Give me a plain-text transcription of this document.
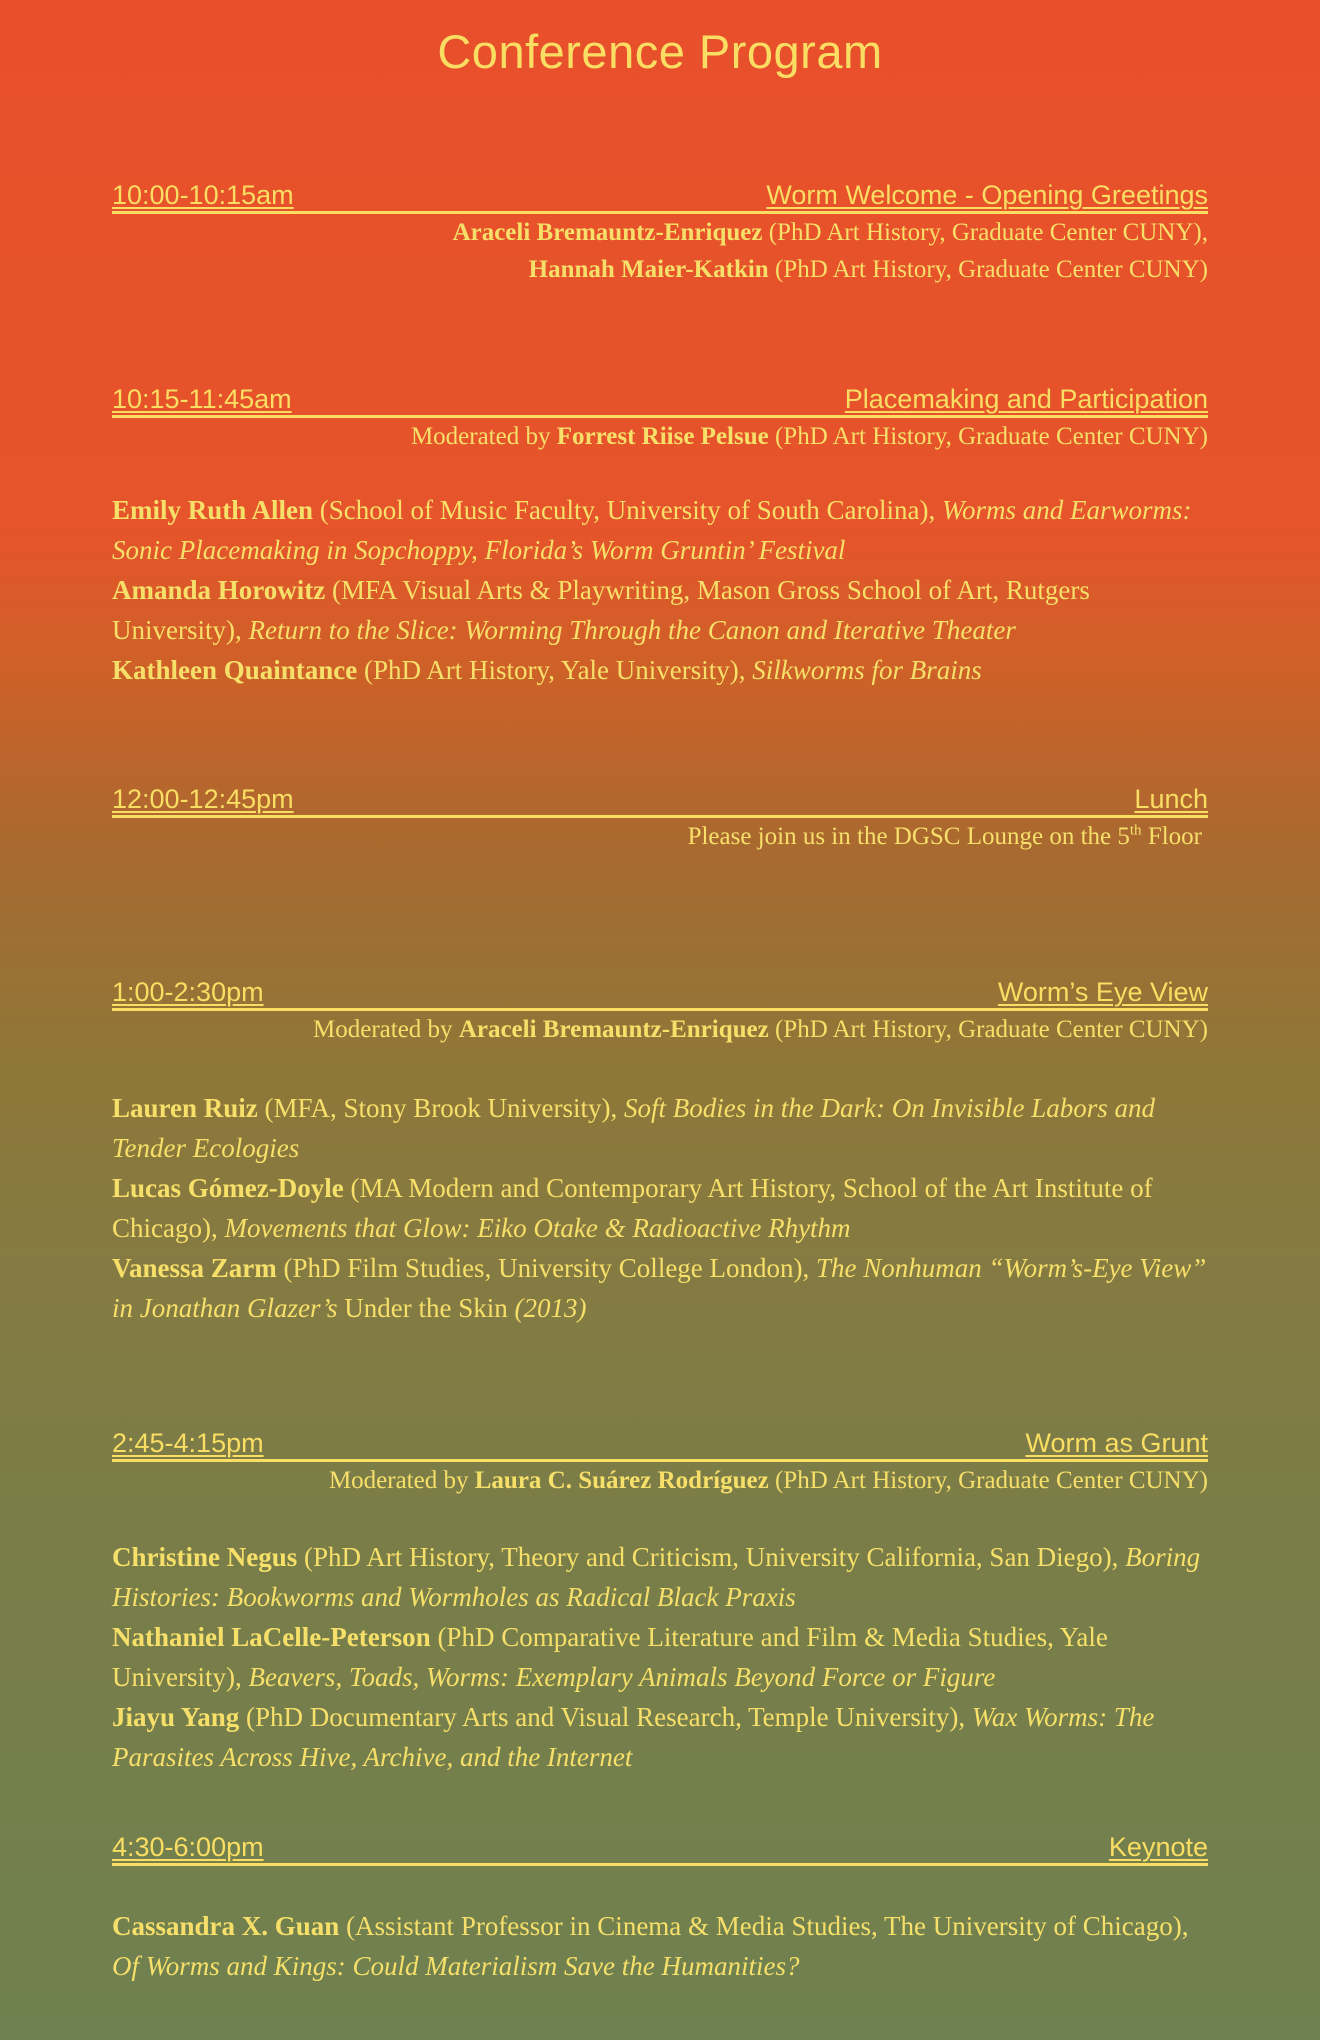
Conference Program
10:00-10:15am	Worm Welcome - Opening Greetings
Araceli Bremauntz-Enriquez (PhD Art History, Graduate Center CUNY),
Hannah Maier-Katkin (PhD Art History, Graduate Center CUNY)
10:15-11:45am	Placemaking and Participation
Moderated by Forrest Riise Pelsue (PhD Art History, Graduate Center CUNY)
Emily Ruth Allen (School of Music Faculty, University of South Carolina), Worms and Earworms: Sonic Placemaking in Sopchoppy, Florida’s Worm Gruntin’ Festival
Amanda Horowitz (MFA Visual Arts & Playwriting, Mason Gross School of Art, Rutgers University), Return to the Slice: Worming Through the Canon and Iterative Theater
Kathleen Quaintance (PhD Art History, Yale University), Silkworms for Brains
12:00-12:45pm	Lunch
Please join us in the DGSC Lounge on the 5th Floor
1:00-2:30pm	Worm’s Eye View
Moderated by Araceli Bremauntz-Enriquez (PhD Art History, Graduate Center CUNY)
Lauren Ruiz (MFA, Stony Brook University), Soft Bodies in the Dark: On Invisible Labors and Tender Ecologies
Lucas Gómez-Doyle (MA Modern and Contemporary Art History, School of the Art Institute of Chicago), Movements that Glow: Eiko Otake & Radioactive Rhythm
Vanessa Zarm (PhD Film Studies, University College London), The Nonhuman “Worm’s-Eye View” in Jonathan Glazer’s Under the Skin (2013)
2:45-4:15pm	Worm as Grunt
Moderated by Laura C. Suárez Rodríguez (PhD Art History, Graduate Center CUNY)
Christine Negus (PhD Art History, Theory and Criticism, University California, San Diego), Boring Histories: Bookworms and Wormholes as Radical Black Praxis
Nathaniel LaCelle-Peterson (PhD Comparative Literature and Film & Media Studies, Yale University), Beavers, Toads, Worms: Exemplary Animals Beyond Force or Figure
Jiayu Yang (PhD Documentary Arts and Visual Research, Temple University), Wax Worms: The Parasites Across Hive, Archive, and the Internet
4:30-6:00pm	Keynote
Cassandra X. Guan (Assistant Professor in Cinema & Media Studies, The University of Chicago), Of Worms and Kings: Could Materialism Save the Humanities?
